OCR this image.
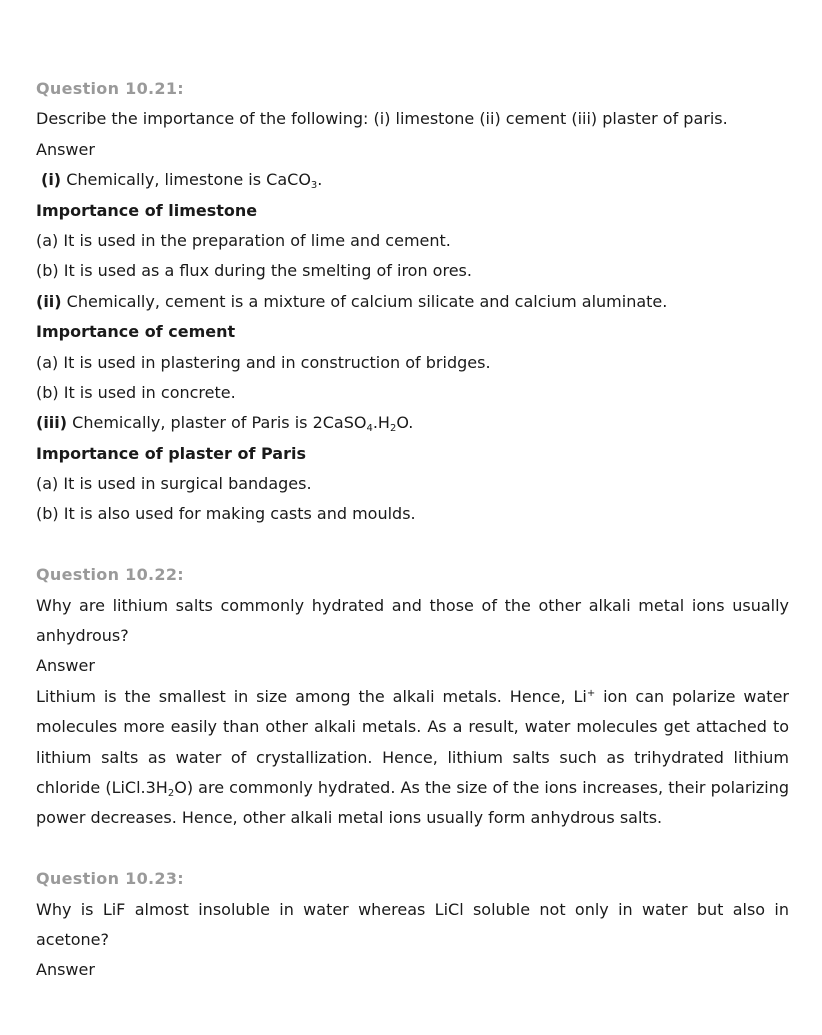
Question 10.21:
Describe the importance of the following: (i) limestone (ii) cement (iii) plaster of paris.
Answer
(i) Chemically, limestone is CaCO$_3$.
Importance of limestone
(a) It is used in the preparation of lime and cement.
(b) It is used as a flux during the smelting of iron ores.
(ii) Chemically, cement is a mixture of calcium silicate and calcium aluminate.
Importance of cement
(a) It is used in plastering and in construction of bridges.
(b) It is used in concrete.
(iii) Chemically, plaster of Paris is $2CaSO_4.H_2O$.
Importance of plaster of Paris
(a) It is used in surgical bandages.
(b) It is also used for making casts and moulds.
Question 10.22:
Why are lithium salts commonly hydrated and those of the other alkali metal ions usually anhydrous?
Answer
Lithium is the smallest in size among the alkali metals. Hence, Li+ ion can polarize water molecules more easily than other alkali metals. As a result, water molecules get attached to lithium salts as water of crystallization. Hence, lithium salts such as trihydrated lithium chloride $(LiCl.3H_2O)$ are commonly hydrated. As the size of the ions increases, their polarizing power decreases. Hence, other alkali metal ions usually form anhydrous salts.
Question 10.23:
Why is LiF almost insoluble in water whereas LiCl soluble not only in water but also in acetone?
Answer
